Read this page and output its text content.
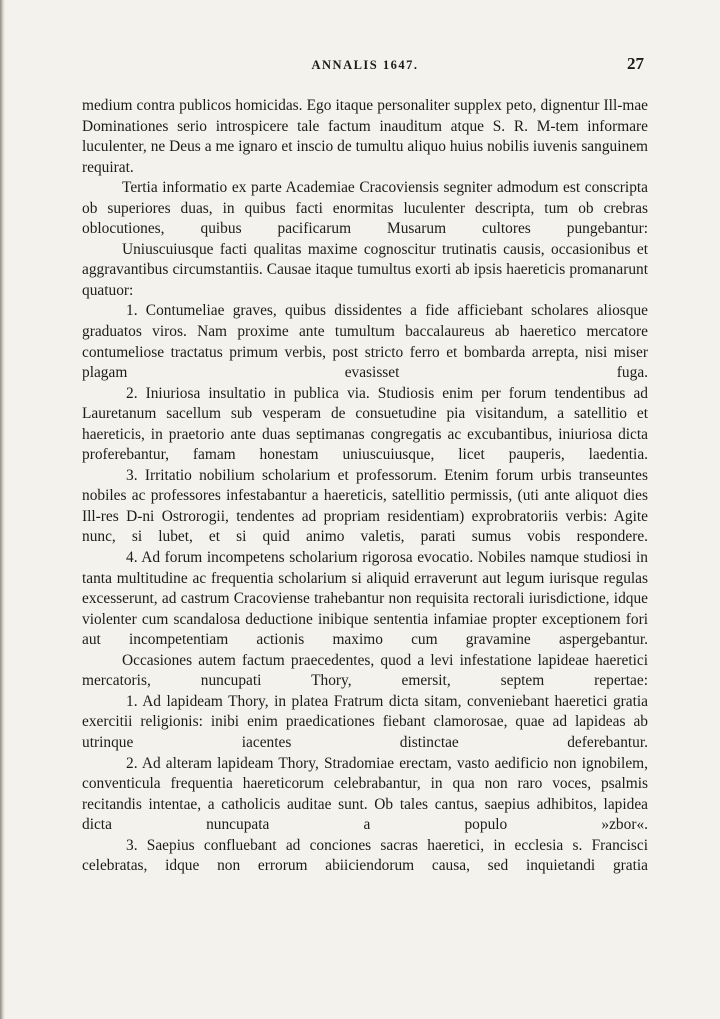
ANNALIS 1647.	27

medium contra publicos homicidas. Ego itaque personaliter supplex peto, dignentur Ill-mae Dominationes serio introspicere tale factum inauditum atque S. R. M-tem informare luculenter, ne Deus a me ignaro et inscio de tumultu aliquo huius nobilis iuvenis sanguinem requirat.

Tertia informatio ex parte Academiae Cracoviensis segniter admodum est conscripta ob superiores duas, in quibus facti enormitas luculenter descripta, tum ob crebras oblocutiones, quibus pacificarum Musarum cultores pungebantur:

Uniuscuiusque facti qualitas maxime cognoscitur trutinatis causis, occasionibus et aggravantibus circumstantiis. Causae itaque tumultus exorti ab ipsis haereticis promanarunt quatuor:

1. Contumeliae graves, quibus dissidentes a fide afficiebant scholares aliosque graduatos viros. Nam proxime ante tumultum baccalaureus ab haeretico mercatore contumeliose tractatus primum verbis, post stricto ferro et bombarda arrepta, nisi miser plagam evasisset fuga.

2. Iniuriosa insultatio in publica via. Studiosis enim per forum tendentibus ad Lauretanum sacellum sub vesperam de consuetudine pia visitandum, a satellitio et haereticis, in praetorio ante duas septimanas congregatis ac excubantibus, iniuriosa dicta proferebantur, famam honestam uniuscuiusque, licet pauperis, laedentia.

3. Irritatio nobilium scholarium et professorum. Etenim forum urbis transeuntes nobiles ac professores infestabantur a haereticis, satellitio permissis, (uti ante aliquot dies Ill-res D-ni Ostrorogii, tendentes ad propriam residentiam) exprobratoriis verbis: Agite nunc, si lubet, et si quid animo valetis, parati sumus vobis respondere.

4. Ad forum incompetens scholarium rigorosa evocatio. Nobiles namque studiosi in tanta multitudine ac frequentia scholarium si aliquid erraverunt aut legum iurisque regulas excesserunt, ad castrum Cracoviense trahebantur non requisita rectorali iurisdictione, idque violenter cum scandalosa deductione inibique sententia infamiae propter exceptionem fori aut incompetentiam actionis maximo cum gravamine aspergebantur.

Occasiones autem factum praecedentes, quod a levi infestatione lapideae haeretici mercatoris, nuncupati Thory, emersit, septem repertae:

1. Ad lapideam Thory, in platea Fratrum dicta sitam, conveniebant haeretici gratia exercitii religionis: inibi enim praedicationes fiebant clamorosae, quae ad lapideas ab utrinque iacentes distinctae deferebantur.

2. Ad alteram lapideam Thory, Stradomiae erectam, vasto aedificio non ignobilem, conventicula frequentia haereticorum celebrabantur, in qua non raro voces, psalmis recitandis intentae, a catholicis auditae sunt. Ob tales cantus, saepius adhibitos, lapidea dicta nuncupata a populo »zbor«.

3. Saepius confluebant ad conciones sacras haeretici, in ecclesia s. Francisci celebratas, idque non errorum abiiciendorum causa, sed inquietandi gratia
